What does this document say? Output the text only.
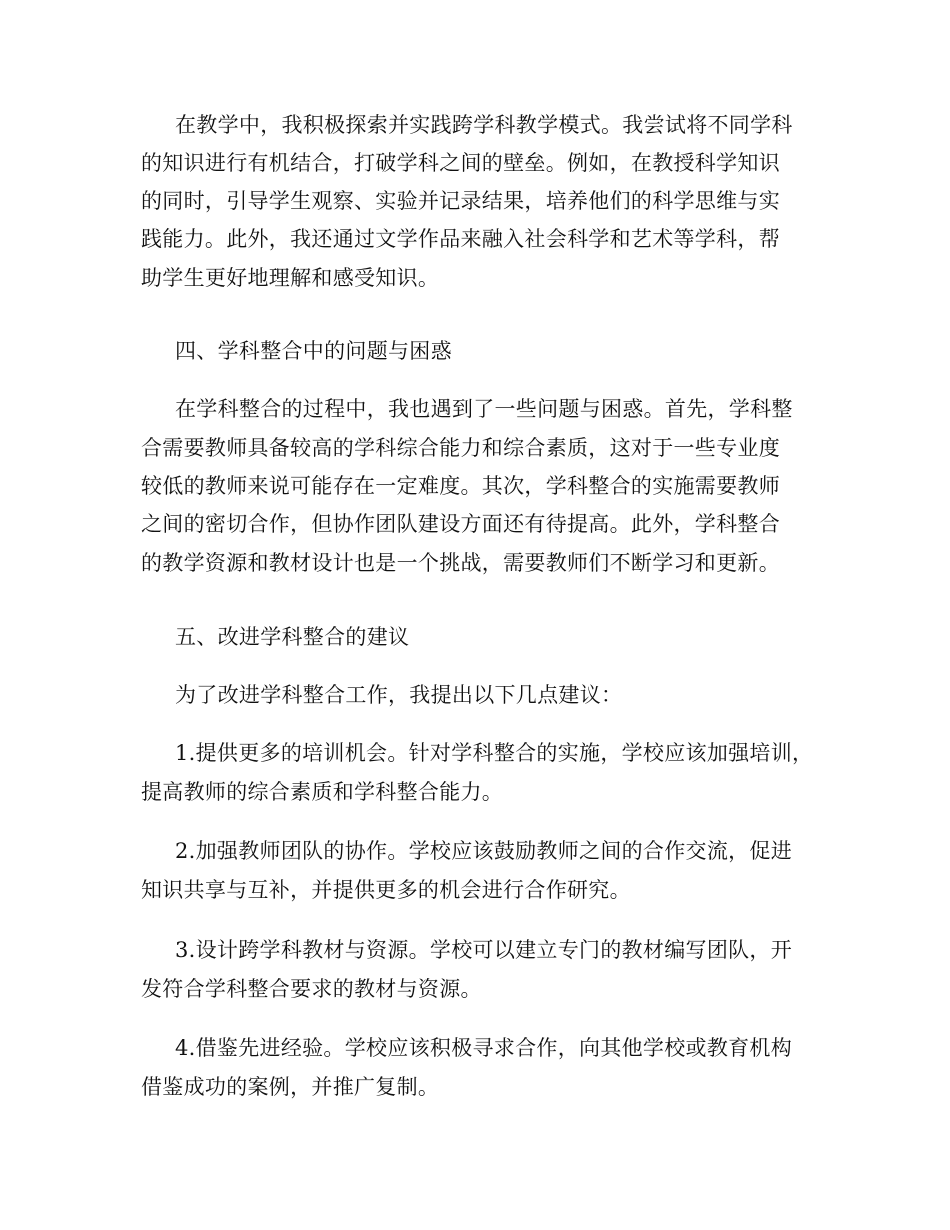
在教学中，我积极探索并实践跨学科教学模式。我尝试将不同学科
的知识进行有机结合，打破学科之间的壁垒。例如，在教授科学知识
的同时，引导学生观察、实验并记录结果，培养他们的科学思维与实
践能力。此外，我还通过文学作品来融入社会科学和艺术等学科，帮
助学生更好地理解和感受知识。
四、学科整合中的问题与困惑
在学科整合的过程中，我也遇到了一些问题与困惑。首先，学科整
合需要教师具备较高的学科综合能力和综合素质，这对于一些专业度
较低的教师来说可能存在一定难度。其次，学科整合的实施需要教师
之间的密切合作，但协作团队建设方面还有待提高。此外，学科整合
的教学资源和教材设计也是一个挑战，需要教师们不断学习和更新。
五、改进学科整合的建议
为了改进学科整合工作，我提出以下几点建议：
1.提供更多的培训机会。针对学科整合的实施，学校应该加强培训，
提高教师的综合素质和学科整合能力。
2.加强教师团队的协作。学校应该鼓励教师之间的合作交流，促进
知识共享与互补，并提供更多的机会进行合作研究。
3.设计跨学科教材与资源。学校可以建立专门的教材编写团队，开
发符合学科整合要求的教材与资源。
4.借鉴先进经验。学校应该积极寻求合作，向其他学校或教育机构
借鉴成功的案例，并推广复制。
